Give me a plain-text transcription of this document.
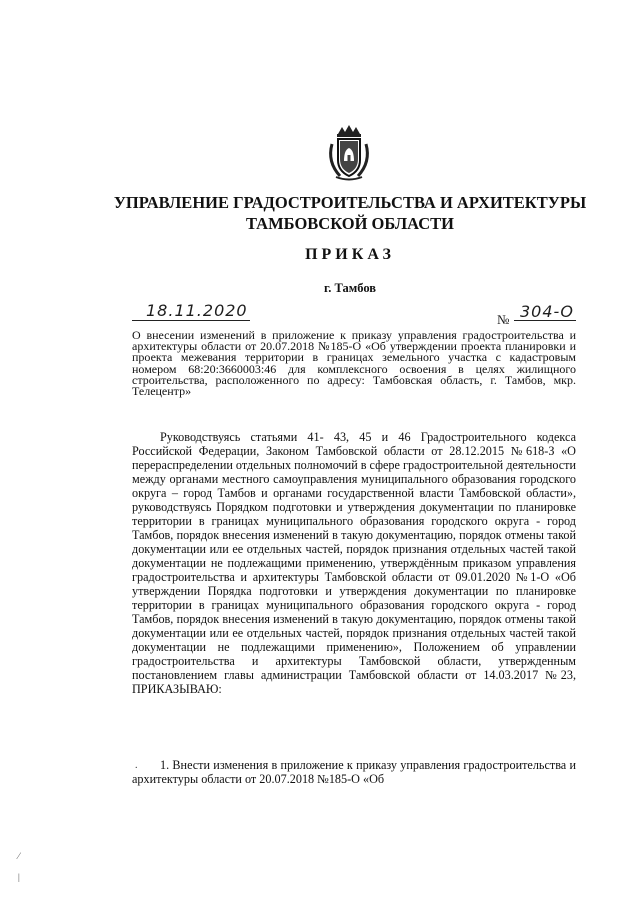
УПРАВЛЕНИЕ ГРАДОСТРОИТЕЛЬСТВА И АРХИТЕКТУРЫ
ТАМБОВСКОЙ ОБЛАСТИ
ПРИКАЗ
г. Тамбов
18.11.2020	№ 304-О
О внесении изменений в приложение к приказу управления градостроительства и архитектуры области от 20.07.2018 №185-О «Об утверждении проекта планировки и проекта межевания территории в границах земельного участка с кадастровым номером 68:20:3660003:46 для комплексного освоения в целях жилищного строительства, расположенного по адресу: Тамбовская область, г. Тамбов, мкр. Телецентр»
Руководствуясь статьями 41- 43, 45 и 46 Градостроительного кодекса Российской Федерации, Законом Тамбовской области от 28.12.2015 №618-З «О перераспределении отдельных полномочий в сфере градостроительной деятельности между органами местного самоуправления муниципального образования городского округа – город Тамбов и органами государственной власти Тамбовской области», руководствуясь Порядком подготовки и утверждения документации по планировке территории в границах муниципального образования городского округа - город Тамбов, порядок внесения изменений в такую документацию, порядок отмены такой документации или ее отдельных частей, порядок признания отдельных частей такой документации не подлежащими применению, утверждённым приказом управления градостроительства и архитектуры Тамбовской области от 09.01.2020 №1-О «Об утверждении Порядка подготовки и утверждения документации по планировке территории в границах муниципального образования городского округа - город Тамбов, порядок внесения изменений в такую документацию, порядок отмены такой документации или ее отдельных частей, порядок признания отдельных частей такой документации не подлежащими применению», Положением об управлении градостроительства и архитектуры Тамбовской области, утвержденным постановлением главы администрации Тамбовской области от 14.03.2017 №23, ПРИКАЗЫВАЮ:
.	1. Внести изменения в приложение к приказу управления градостроительства и архитектуры области от 20.07.2018 №185-О «Об
⁄
|
